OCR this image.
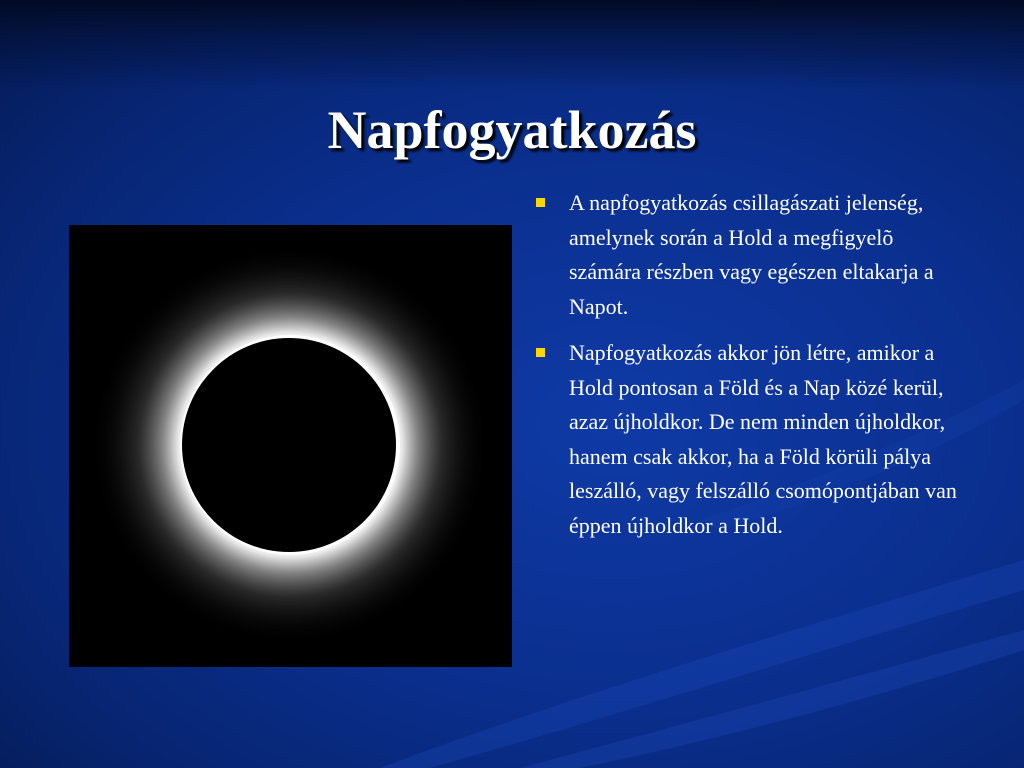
Napfogyatkozás
A napfogyatkozás csillagászati jelenség, amelynek során a Hold a megfigyelõ számára részben vagy egészen eltakarja a Napot.
Napfogyatkozás akkor jön létre, amikor a Hold pontosan a Föld és a Nap közé kerül, azaz újholdkor. De nem minden újholdkor, hanem csak akkor, ha a Föld körüli pálya leszálló, vagy felszálló csomópontjában van éppen újholdkor a Hold.
